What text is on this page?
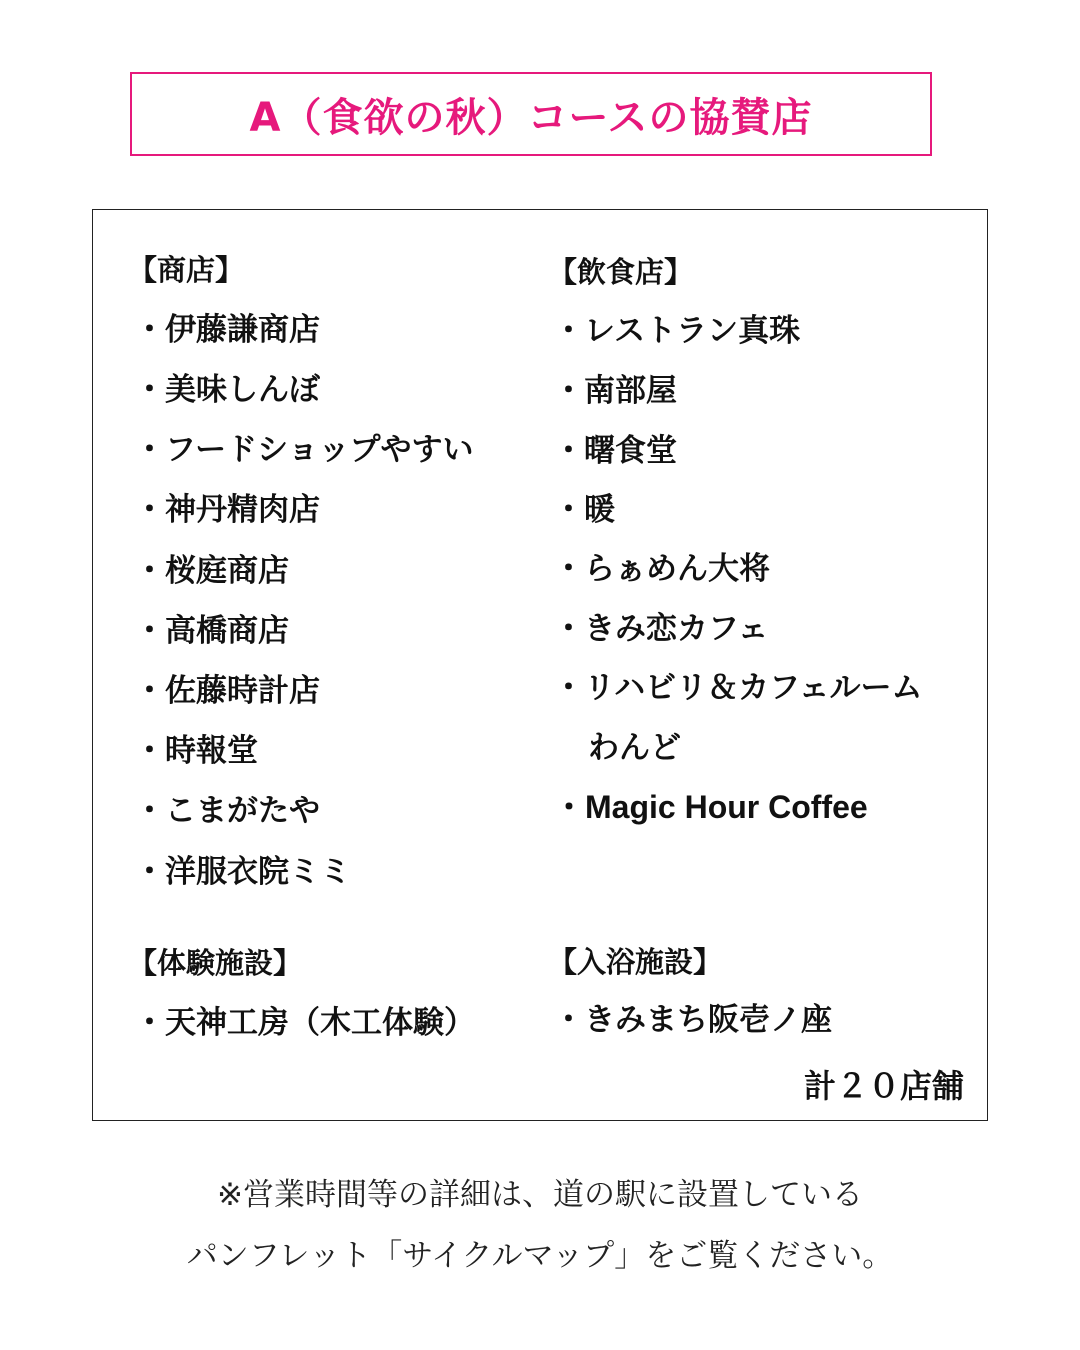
A（食欲の秋）コースの協賛店
【商店】
・伊藤謙商店
・美味しんぼ
・フードショップやすい
・神丹精肉店
・桜庭商店
・高橋商店
・佐藤時計店
・時報堂
・こまがたや
・洋服衣院ミミ
【飲食店】
・レストラン真珠
・南部屋
・曙食堂
・暖
・らぁめん大将
・きみ恋カフェ
・リハビリ＆カフェルーム
わんど
・Magic Hour Coffee
【体験施設】
・天神工房（木工体験）
【入浴施設】
・きみまち阪壱ノ座
計２０店舗
※営業時間等の詳細は、道の駅に設置している
パンフレット「サイクルマップ」をご覧ください。
